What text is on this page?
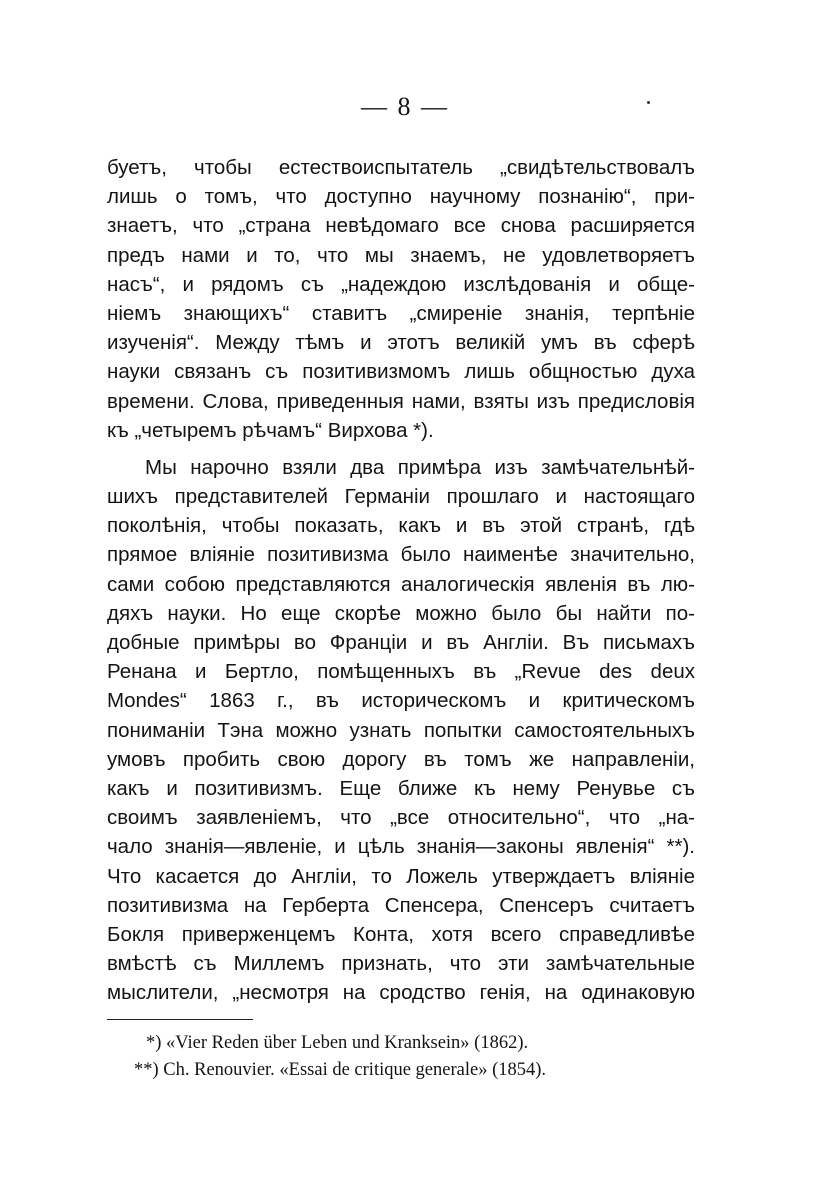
— 8 —
буетъ, чтобы естествоиспытатель „свидѣтельствовалъ
лишь о томъ, что доступно научному познанію“, при-
знаетъ, что „страна невѣдомаго все снова расширяется
предъ нами и то, что мы знаемъ, не удовлетворяетъ
насъ“, и рядомъ съ „надеждою изслѣдованія и обще-
ніемъ знающихъ“ ставитъ „смиреніе знанія, терпѣніе
изученія“. Между тѣмъ и этотъ великій умъ въ сферѣ
науки связанъ съ позитивизмомъ лишь общностью духа
времени. Слова, приведенныя нами, взяты изъ предисловія
къ „четыремъ рѣчамъ“ Вирхова *).
Мы нарочно взяли два примѣра изъ замѣчательнѣй-
шихъ представителей Германіи прошлаго и настоящаго
поколѣнія, чтобы показать, какъ и въ этой странѣ, гдѣ
прямое вліяніе позитивизма было наименѣе значительно,
сами собою представляются аналогическія явленія въ лю-
дяхъ науки. Но еще скорѣе можно было бы найти по-
добные примѣры во Франціи и въ Англіи. Въ письмахъ
Ренана и Бертло, помѣщенныхъ въ „Revue des deux
Mondes“ 1863 г., въ историческомъ и критическомъ
пониманіи Тэна можно узнать попытки самостоятельныхъ
умовъ пробить свою дорогу въ томъ же направленіи,
какъ и позитивизмъ. Еще ближе къ нему Ренувье съ
своимъ заявленіемъ, что „все относительно“, что „на-
чало знанія—явленіе, и цѣль знанія—законы явленія“ **).
Что касается до Англіи, то Ложель утверждаетъ вліяніе
позитивизма на Герберта Спенсера, Спенсеръ считаетъ
Бокля приверженцемъ Конта, хотя всего справедливѣе
вмѣстѣ съ Миллемъ признать, что эти замѣчательные
мыслители, „несмотря на сродство генія, на одинаковую
*) «Vier Reden über Leben und Kranksein» (1862).
**) Ch. Renouvier. «Essai de critique generale» (1854).
